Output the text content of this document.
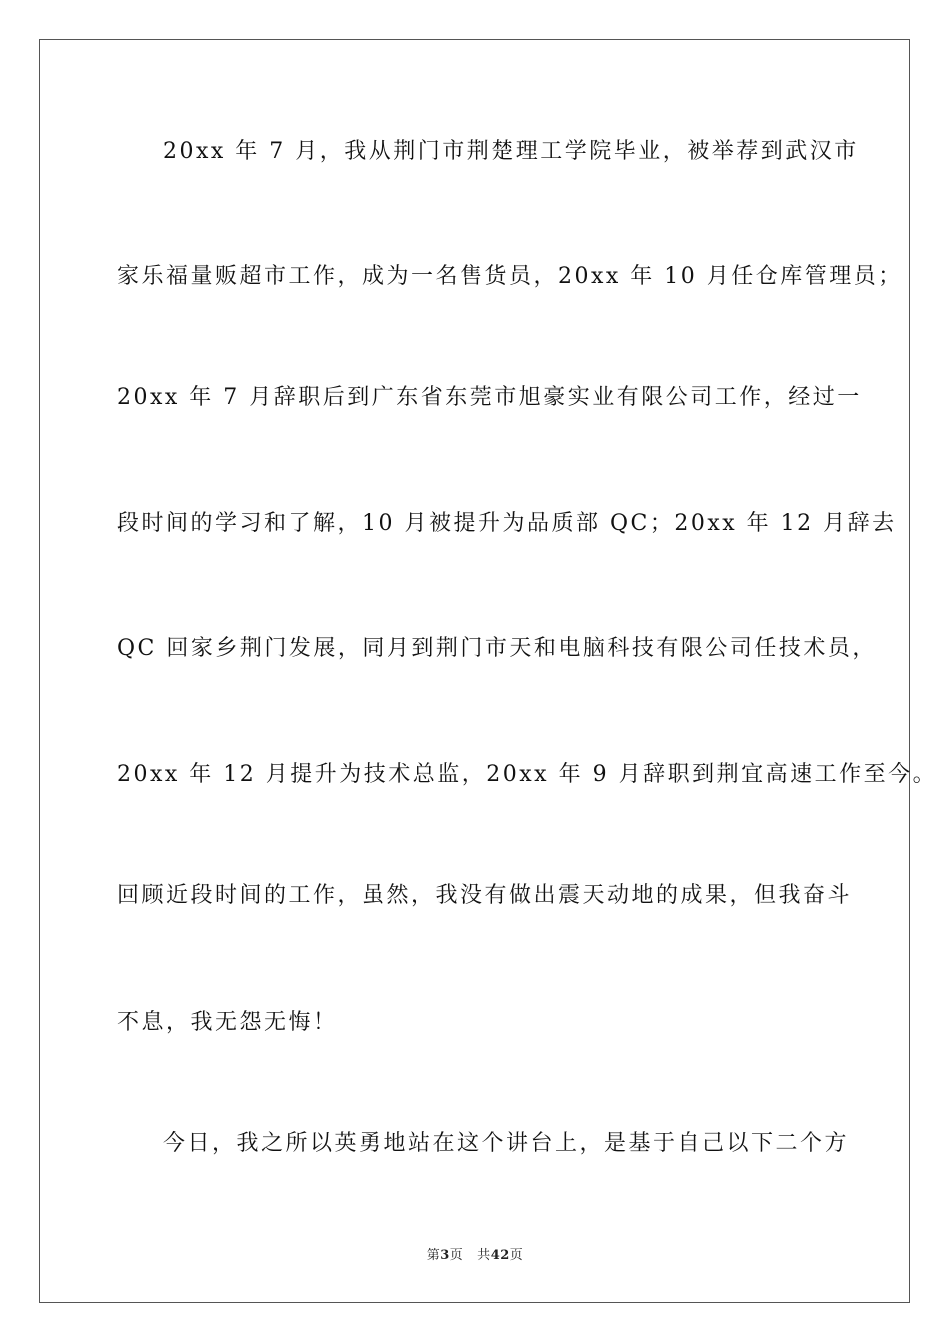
20xx 年 7 月，我从荆门市荆楚理工学院毕业，被举荐到武汉市
家乐福量贩超市工作，成为一名售货员，20xx 年 10 月任仓库管理员；
20xx 年 7 月辞职后到广东省东莞市旭豪实业有限公司工作，经过一
段时间的学习和了解，10 月被提升为品质部 QC；20xx 年 12 月辞去
QC 回家乡荆门发展，同月到荆门市天和电脑科技有限公司任技术员，
20xx 年 12 月提升为技术总监，20xx 年 9 月辞职到荆宜高速工作至今。
回顾近段时间的工作，虽然，我没有做出震天动地的成果，但我奋斗
不息，我无怨无悔！
今日，我之所以英勇地站在这个讲台上，是基于自己以下二个方
第3页 共42页
